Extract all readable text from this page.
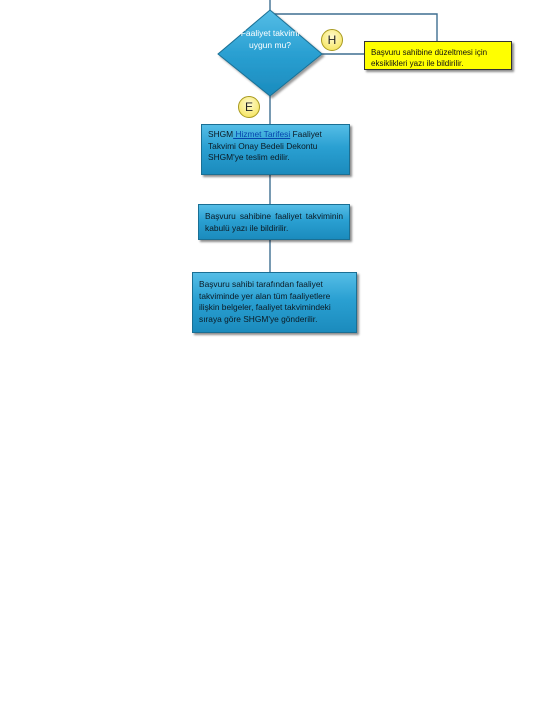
Faaliyet takvimi uygun mu?	H
E
Başvuru sahibine düzeltmesi için eksiklikleri yazı ile bildirilir.
SHGM Hizmet Tarifesi Faaliyet Takvimi Onay Bedeli Dekontu SHGM'ye teslim edilir.
Başvuru sahibine faaliyet takviminin kabulü yazı ile bildirilir.
Başvuru sahibi tarafından faaliyet takviminde yer alan tüm faaliyetlere ilişkin belgeler, faaliyet takvimindeki sıraya göre SHGM'ye gönderilir.
